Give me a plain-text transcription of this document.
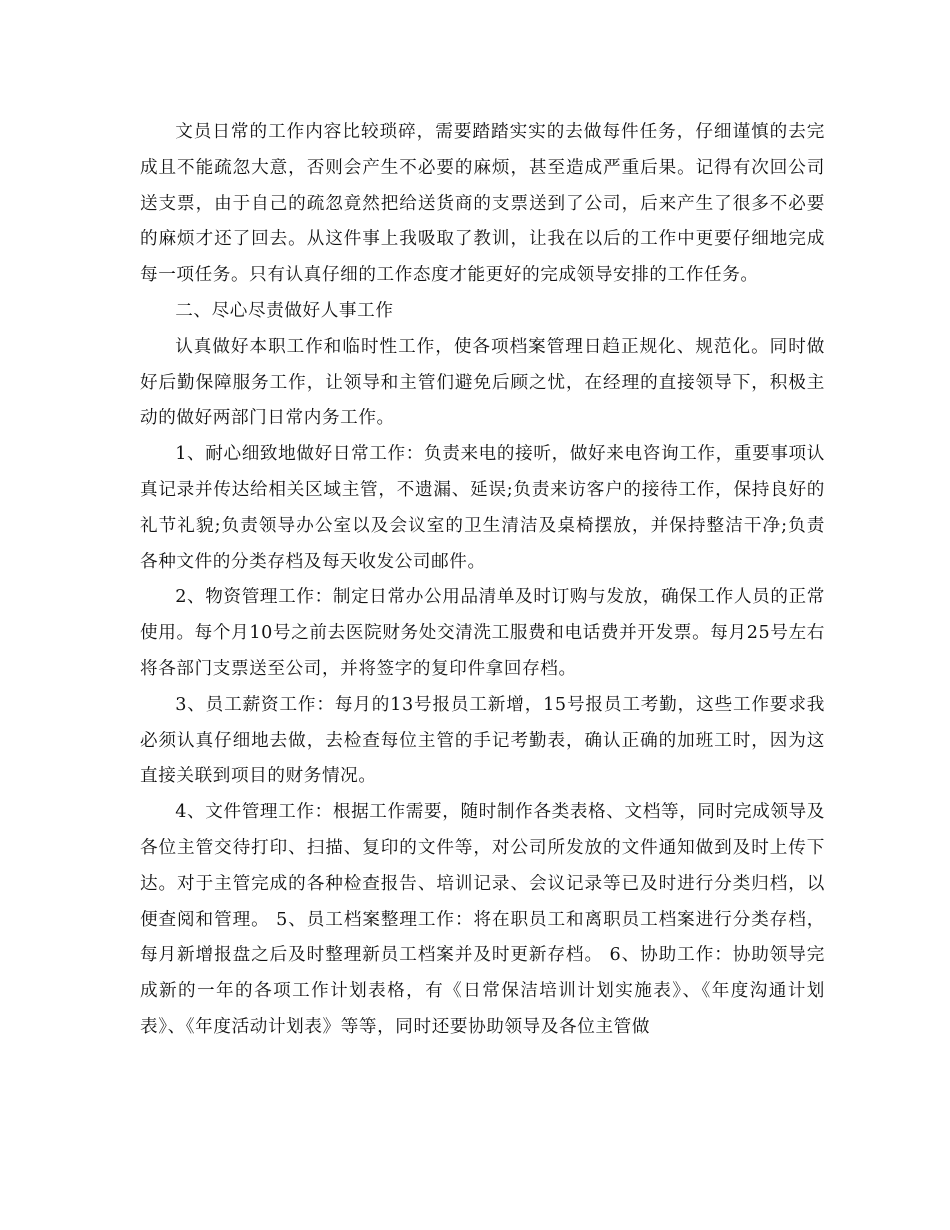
文员日常的工作内容比较琐碎，需要踏踏实实的去做每件任务，仔细谨慎的去完成且不能疏忽大意，否则会产生不必要的麻烦，甚至造成严重后果。记得有次回公司送支票，由于自己的疏忽竟然把给送货商的支票送到了公司，后来产生了很多不必要的麻烦才还了回去。从这件事上我吸取了教训，让我在以后的工作中更要仔细地完成每一项任务。只有认真仔细的工作态度才能更好的完成领导安排的工作任务。

二、尽心尽责做好人事工作

认真做好本职工作和临时性工作，使各项档案管理日趋正规化、规范化。同时做好后勤保障服务工作，让领导和主管们避免后顾之忧，在经理的直接领导下，积极主动的做好两部门日常内务工作。

1、耐心细致地做好日常工作：负责来电的接听，做好来电咨询工作，重要事项认真记录并传达给相关区域主管，不遗漏、延误;负责来访客户的接待工作，保持良好的礼节礼貌;负责领导办公室以及会议室的卫生清洁及桌椅摆放，并保持整洁干净;负责各种文件的分类存档及每天收发公司邮件。

2、物资管理工作：制定日常办公用品清单及时订购与发放，确保工作人员的正常使用。每个月10号之前去医院财务处交清洗工服费和电话费并开发票。每月25号左右将各部门支票送至公司，并将签字的复印件拿回存档。

3、员工薪资工作：每月的13号报员工新增，15号报员工考勤，这些工作要求我必须认真仔细地去做，去检查每位主管的手记考勤表，确认正确的加班工时，因为这直接关联到项目的财务情况。

4、文件管理工作：根据工作需要，随时制作各类表格、文档等，同时完成领导及各位主管交待打印、扫描、复印的文件等，对公司所发放的文件通知做到及时上传下达。对于主管完成的各种检查报告、培训记录、会议记录等已及时进行分类归档，以便查阅和管理。 5、员工档案整理工作：将在职员工和离职员工档案进行分类存档，每月新增报盘之后及时整理新员工档案并及时更新存档。 6、协助工作：协助领导完成新的一年的各项工作计划表格，有《日常保洁培训计划实施表》、《年度沟通计划表》、《年度活动计划表》等等，同时还要协助领导及各位主管做
